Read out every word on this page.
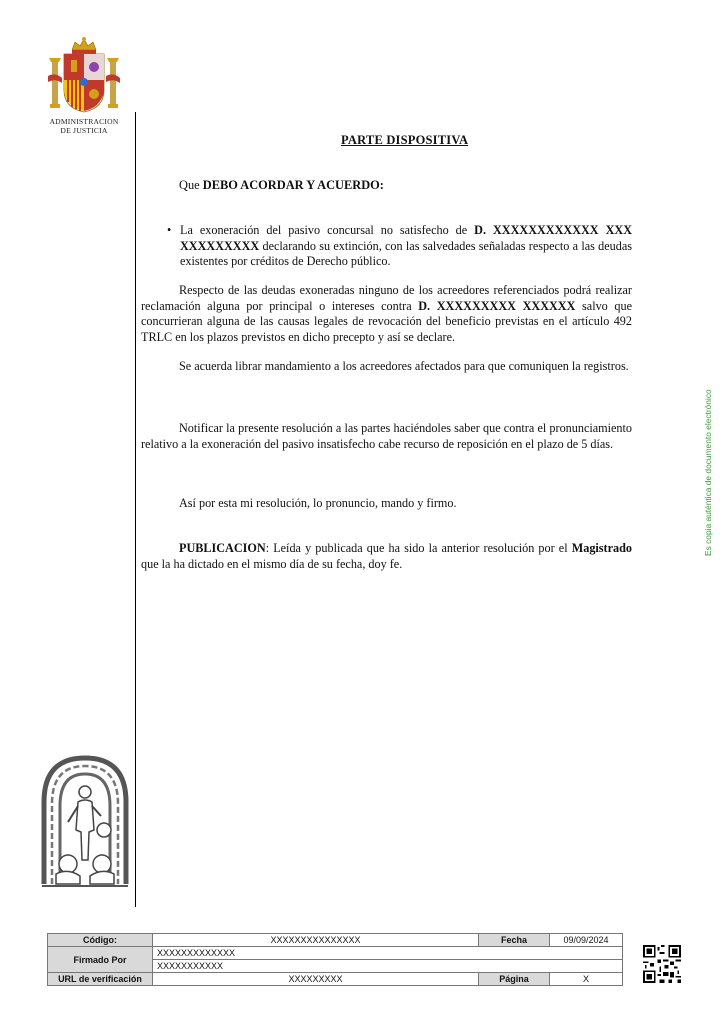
ADMINISTRACION
DE JUSTICIA
PARTE DISPOSITIVA
Que DEBO ACORDAR Y ACUERDO:
• La exoneración del pasivo concursal no satisfecho de D. XXXXXXXXXXXX XXX XXXXXXXXX declarando su extinción, con las salvedades señaladas respecto a las deudas existentes por créditos de Derecho público.
Respecto de las deudas exoneradas ninguno de los acreedores referenciados podrá realizar reclamación alguna por principal o intereses contra D. XXXXXXXXX XXXXXX salvo que concurrieran alguna de las causas legales de revocación del beneficio previstas en el artículo 492 TRLC en los plazos previstos en dicho precepto y así se declare.
Se acuerda librar mandamiento a los acreedores afectados para que comuniquen la registros.
Notificar la presente resolución a las partes haciéndoles saber que contra el pronunciamiento relativo a la exoneración del pasivo insatisfecho cabe recurso de reposición en el plazo de 5 días.
Así por esta mi resolución, lo pronuncio, mando y firmo.
PUBLICACION: Leída y publicada que ha sido la anterior resolución por el Magistrado que la ha dictado en el mismo día de su fecha, doy fe.
Es copia auténtica de documento electrónico
Código:	XXXXXXXXXXXXXXX	Fecha	09/09/2024
Firmado Por	XXXXXXXXXXXXX		
	XXXXXXXXXXX		
URL de verificación	XXXXXXXXX	Página	X
